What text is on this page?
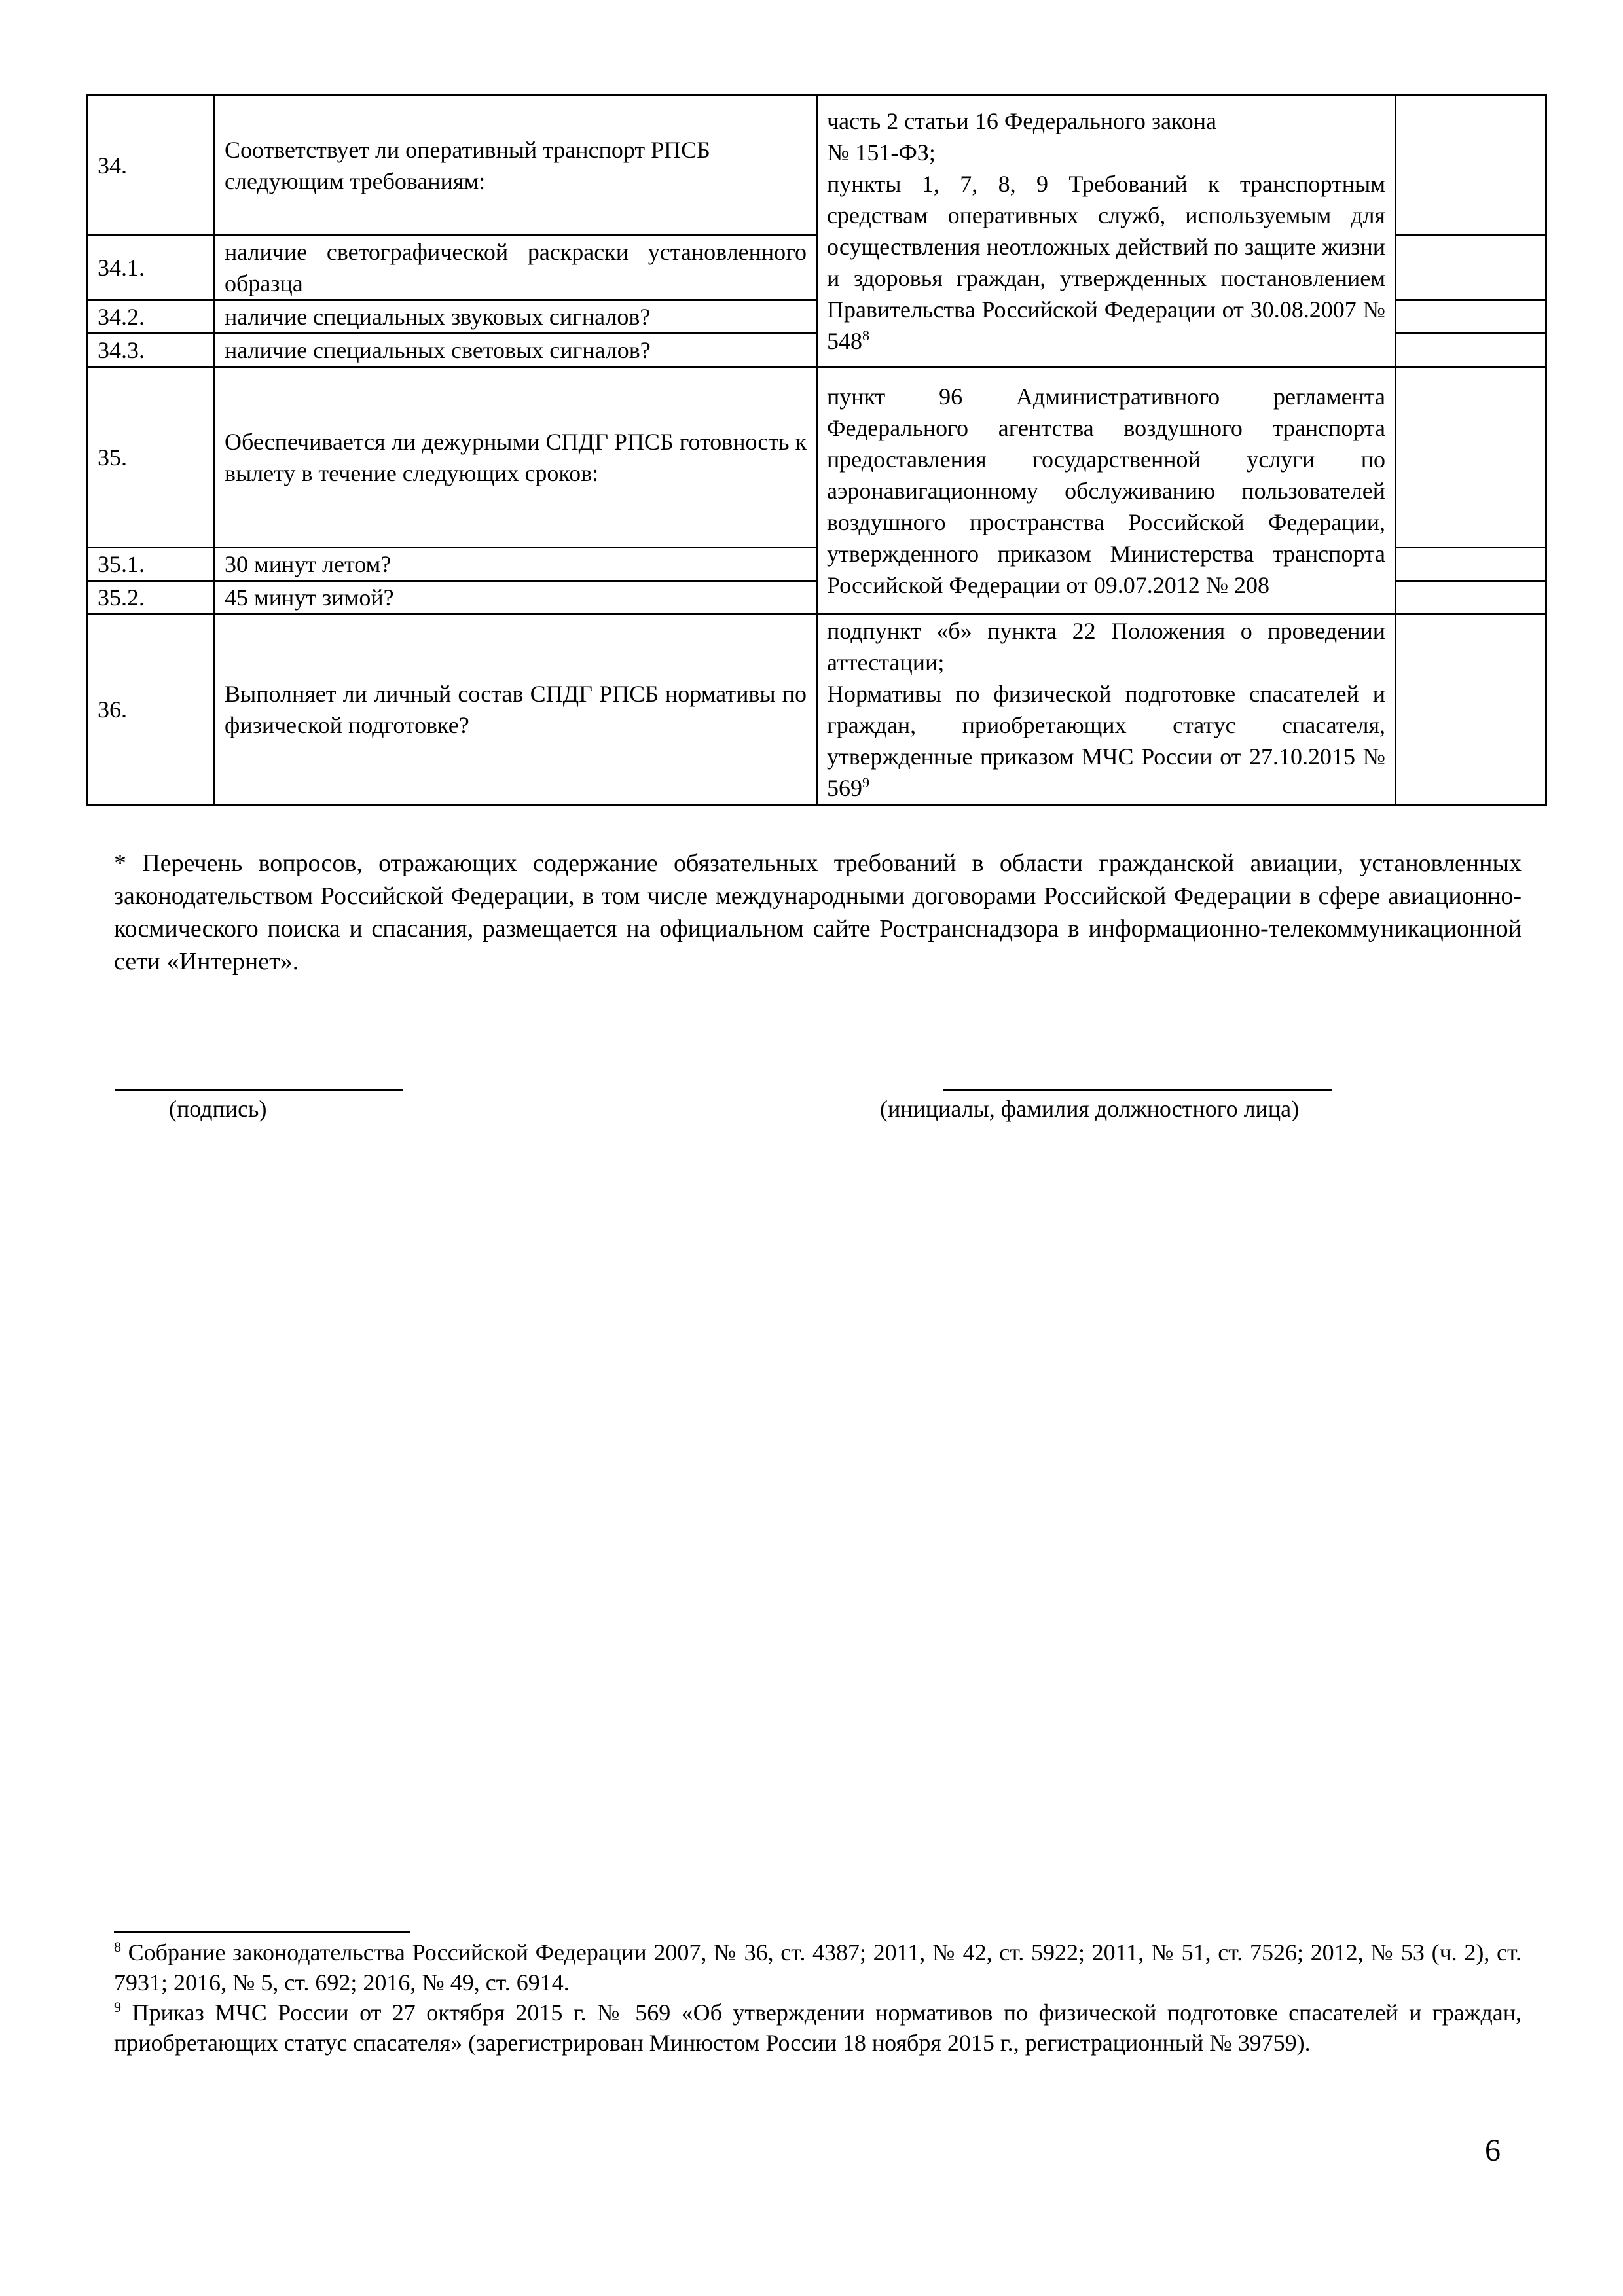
34.	Соответствует ли оперативный транспорт РПСБ следующим требованиям:	часть 2 статьи 16 Федерального закона

№ 151-ФЗ;

пункты 1, 7, 8, 9 Требований к транспортным средствам оперативных служб, используемым для осуществления неотложных действий по защите жизни и здоровья граждан, утвержденных постановлением Правительства Российской Федерации от 30.08.2007 № $548^8$

34.1.	наличие светографической раскраски установленного образца		
34.2.	наличие специальных звуковых сигналов?		
34.3.	наличие специальных световых сигналов?		
35.	Обеспечивается ли дежурными СПДГ РПСБ готовность к вылету в течение следующих сроков:	пункт 96 Административного регламента Федерального агентства воздушного транспорта предоставления государственной услуги по аэронавигационному обслуживанию пользователей воздушного пространства Российской Федерации, утвержденного приказом Министерства транспорта Российской Федерации от 09.07.2012 № 208	

35.1.	30 минут летом?		
35.2.	45 минут зимой?		
36.	Выполняет ли личный состав СПДГ РПСБ нормативы по физической подготовке?	подпункт «б» пункта 22 Положения о проведении аттестации;

Нормативы по физической подготовке спасателей и граждан, приобретающих статус спасателя, утвержденные приказом МЧС России от 27.10.2015 № $569^9$

* Перечень вопросов, отражающих содержание обязательных требований в области гражданской авиации, установленных законодательством Российской Федерации, в том числе международными договорами Российской Федерации в сфере авиационно-космического поиска и спасания, размещается на официальном сайте Ространснадзора в информационно-телекоммуникационной сети «Интернет».

(подпись)	(инициалы, фамилия должностного лица)

$^8$ Собрание законодательства Российской Федерации 2007, № 36, ст. 4387; 2011, № 42, ст. 5922; 2011, № 51, ст. 7526; 2012, № 53 (ч. 2), ст. 7931; 2016, № 5, ст. 692; 2016, № 49, ст. 6914.

$^9$ Приказ МЧС России от 27 октября 2015 г. № 569 «Об утверждении нормативов по физической подготовке спасателей и граждан, приобретающих статус спасателя» (зарегистрирован Минюстом России 18 ноября 2015 г., регистрационный № 39759).

6
